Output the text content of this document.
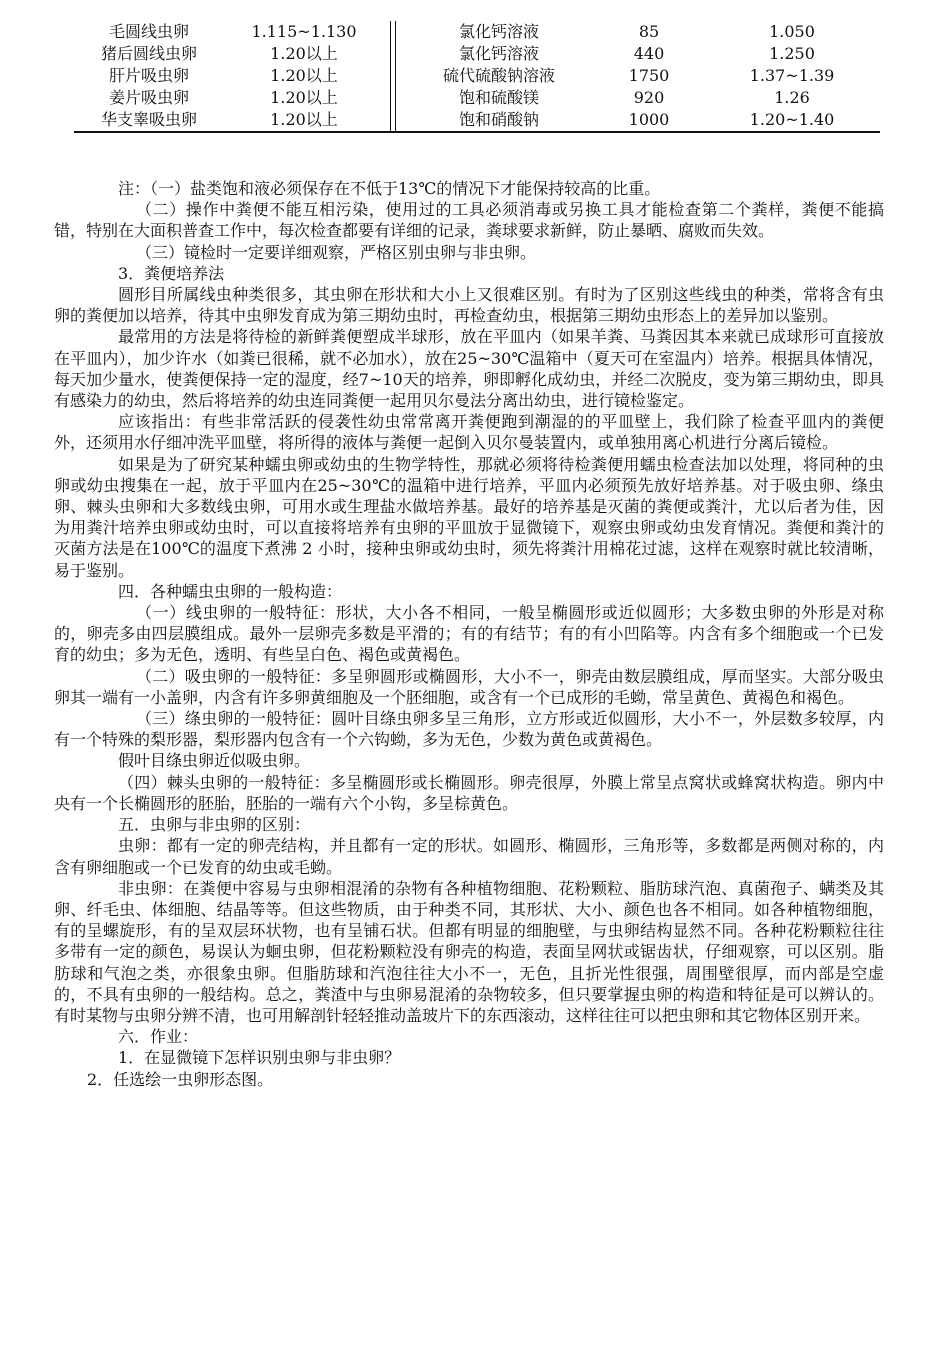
毛圆线虫卵	1.115~1.130	氯化钙溶液	85	1.050
猪后圆线虫卵	1.20以上	氯化钙溶液	440	1.250
肝片吸虫卵	1.20以上	硫代硫酸钠溶液	1750	1.37~1.39
姜片吸虫卵	1.20以上	饱和硫酸镁	920	1.26
华支睾吸虫卵	1.20以上	饱和硝酸钠	1000	1.20~1.40

注：（一）盐类饱和液必须保存在不低于13℃的情况下才能保持较高的比重。

（二）操作中粪便不能互相污染，使用过的工具必须消毒或另换工具才能检查第二个粪样，粪便不能搞错，特别在大面积普查工作中，每次检查都要有详细的记录，粪球要求新鲜，防止暴晒、腐败而失效。

（三）镜检时一定要详细观察，严格区别虫卵与非虫卵。

3．粪便培养法

圆形目所属线虫种类很多，其虫卵在形状和大小上又很难区别。有时为了区别这些线虫的种类，常将含有虫卵的粪便加以培养，待其中虫卵发育成为第三期幼虫时，再检查幼虫，根据第三期幼虫形态上的差异加以鉴别。

最常用的方法是将待检的新鲜粪便塑成半球形，放在平皿内（如果羊粪、马粪因其本来就已成球形可直接放在平皿内），加少许水（如粪已很稀，就不必加水），放在25~30℃温箱中（夏天可在室温内）培养。根据具体情况，每天加少量水，使粪便保持一定的湿度，经7~10天的培养，卵即孵化成幼虫，并经二次脱皮，变为第三期幼虫，即具有感染力的幼虫，然后将培养的幼虫连同粪便一起用贝尔曼法分离出幼虫，进行镜检鉴定。

应该指出：有些非常活跃的侵袭性幼虫常常离开粪便跑到潮湿的的平皿壁上，我们除了检查平皿内的粪便外，还须用水仔细冲洗平皿壁，将所得的液体与粪便一起倒入贝尔曼装置内，或单独用离心机进行分离后镜检。

如果是为了研究某种蠕虫卵或幼虫的生物学特性，那就必须将待检粪便用蠕虫检查法加以处理，将同种的虫卵或幼虫搜集在一起，放于平皿内在25~30℃的温箱中进行培养，平皿内必须预先放好培养基。对于吸虫卵、绦虫卵、棘头虫卵和大多数线虫卵，可用水或生理盐水做培养基。最好的培养基是灭菌的粪便或粪汁，尤以后者为佳，因为用粪汁培养虫卵或幼虫时，可以直接将培养有虫卵的平皿放于显微镜下，观察虫卵或幼虫发育情况。粪便和粪汁的灭菌方法是在100℃的温度下煮沸 2 小时，接种虫卵或幼虫时，须先将粪汁用棉花过滤，这样在观察时就比较清晰，易于鉴别。

四．各种蠕虫虫卵的一般构造：

（一）线虫卵的一般特征：形状，大小各不相同，一般呈椭圆形或近似圆形；大多数虫卵的外形是对称的，卵壳多由四层膜组成。最外一层卵壳多数是平滑的；有的有结节；有的有小凹陷等。内含有多个细胞或一个已发育的幼虫；多为无色，透明、有些呈白色、褐色或黄褐色。

（二）吸虫卵的一般特征：多呈卵圆形或椭圆形，大小不一，卵壳由数层膜组成，厚而坚实。大部分吸虫卵其一端有一小盖卵，内含有许多卵黄细胞及一个胚细胞，或含有一个已成形的毛蚴，常呈黄色、黄褐色和褐色。

（三）绦虫卵的一般特征：圆叶目绦虫卵多呈三角形，立方形或近似圆形，大小不一，外层数多较厚，内有一个特殊的梨形器，梨形器内包含有一个六钩蚴，多为无色，少数为黄色或黄褐色。

假叶目绦虫卵近似吸虫卵。

（四）棘头虫卵的一般特征：多呈椭圆形或长椭圆形。卵壳很厚，外膜上常呈点窝状或蜂窝状构造。卵内中央有一个长椭圆形的胚胎，胚胎的一端有六个小钩，多呈棕黄色。

五．虫卵与非虫卵的区别：

虫卵：都有一定的卵壳结构，并且都有一定的形状。如圆形、椭圆形，三角形等，多数都是两侧对称的，内含有卵细胞或一个已发育的幼虫或毛蚴。

非虫卵：在粪便中容易与虫卵相混淆的杂物有各种植物细胞、花粉颗粒、脂肪球汽泡、真菌孢子、螨类及其卵、纤毛虫、体细胞、结晶等等。但这些物质，由于种类不同，其形状、大小、颜色也各不相同。如各种植物细胞，有的呈螺旋形，有的呈双层环状物，也有呈铺石状。但都有明显的细胞壁，与虫卵结构显然不同。各种花粉颗粒往往多带有一定的颜色，易误认为蛔虫卵，但花粉颗粒没有卵壳的构造，表面呈网状或锯齿状，仔细观察，可以区别。脂肪球和气泡之类，亦很象虫卵。但脂肪球和汽泡往往大小不一，无色，且折光性很强，周围壁很厚，而内部是空虚的，不具有虫卵的一般结构。总之，粪渣中与虫卵易混淆的杂物较多，但只要掌握虫卵的构造和特征是可以辨认的。有时某物与虫卵分辨不清，也可用解剖针轻轻推动盖玻片下的东西滚动，这样往往可以把虫卵和其它物体区别开来。

六．作业：

1．在显微镜下怎样识别虫卵与非虫卵？

2．任选绘一虫卵形态图。
